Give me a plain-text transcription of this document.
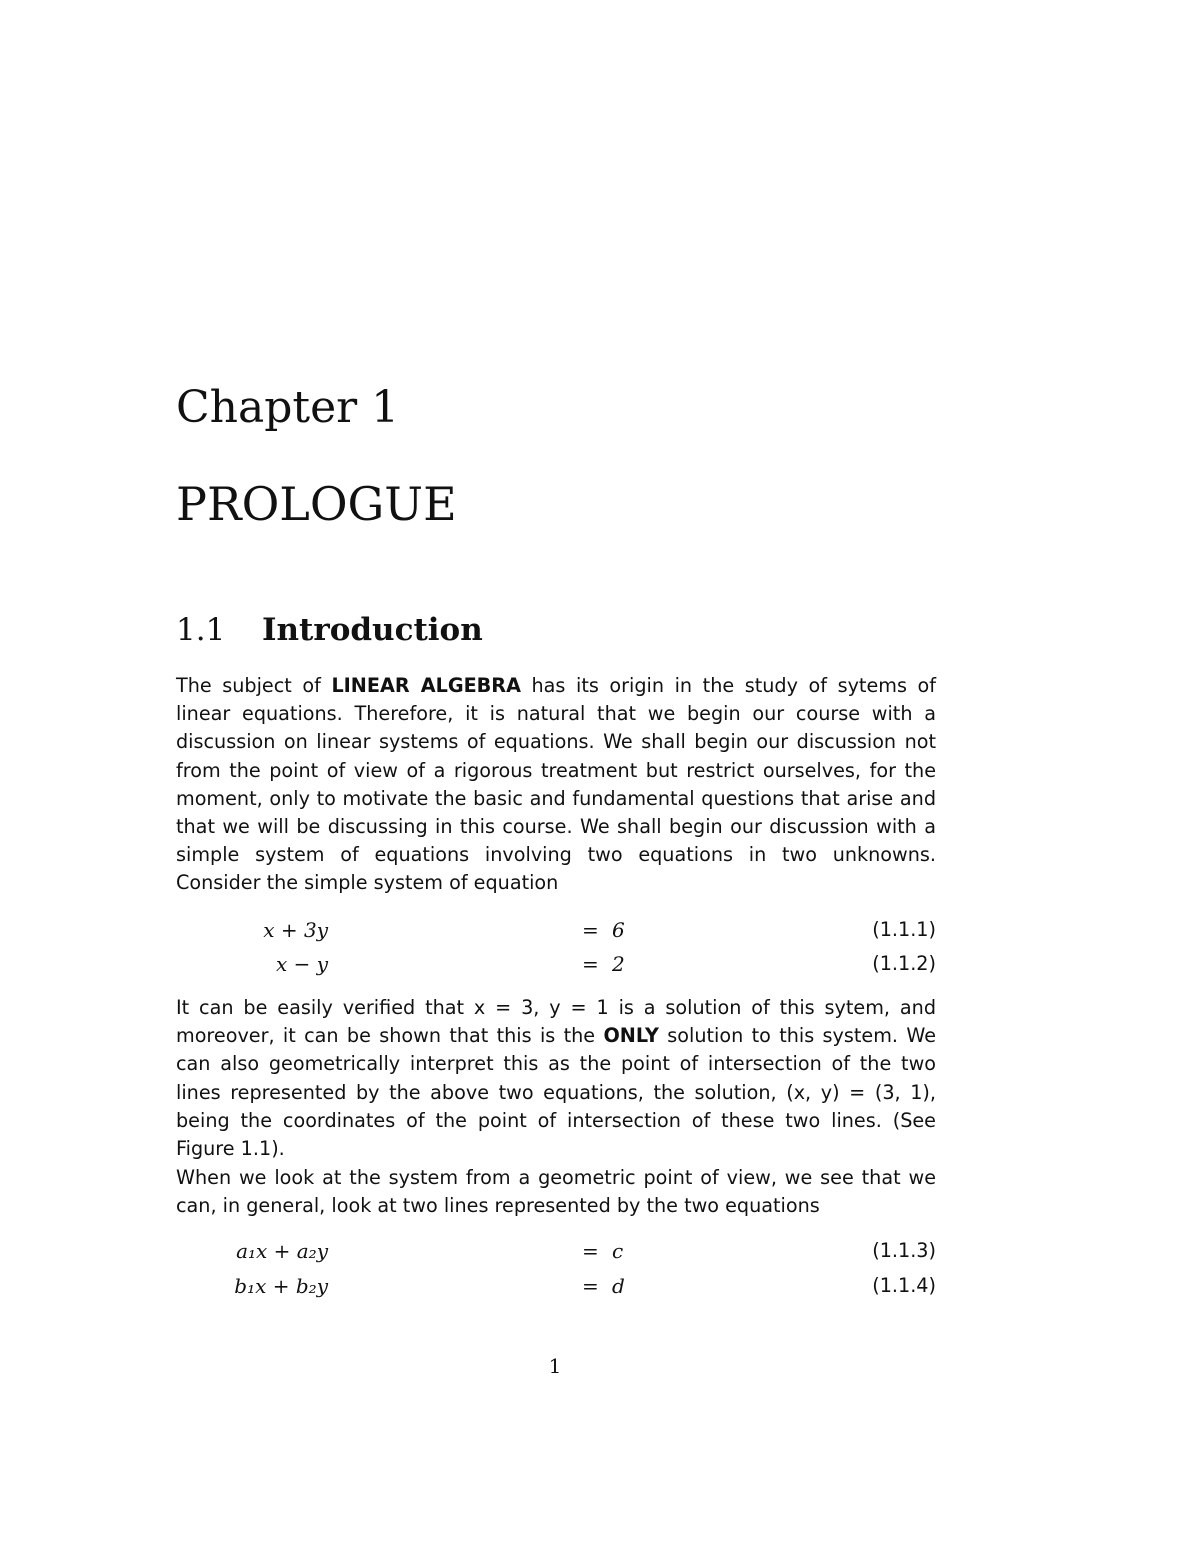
Chapter 1
PROLOGUE
1.1 Introduction
The subject of LINEAR ALGEBRA has its origin in the study of sytems of linear equations. Therefore, it is natural that we begin our course with a discussion on linear systems of equations. We shall begin our discussion not from the point of view of a rigorous treatment but restrict ourselves, for the moment, only to motivate the basic and fundamental questions that arise and that we will be discussing in this course. We shall begin our discussion with a simple system of equations involving two equations in two unknowns. Consider the simple system of equation
x + 3y	= 6	(1.1.1)
x − y	= 2	(1.1.2)
It can be easily verified that x = 3, y = 1 is a solution of this sytem, and moreover, it can be shown that this is the ONLY solution to this system. We can also geometrically interpret this as the point of intersection of the two lines represented by the above two equations, the solution, (x, y) = (3, 1), being the coordinates of the point of intersection of these two lines. (See Figure 1.1).
When we look at the system from a geometric point of view, we see that we can, in general, look at two lines represented by the two equations
a₁x + a₂y	= c	(1.1.3)
b₁x + b₂y	= d	(1.1.4)
1
